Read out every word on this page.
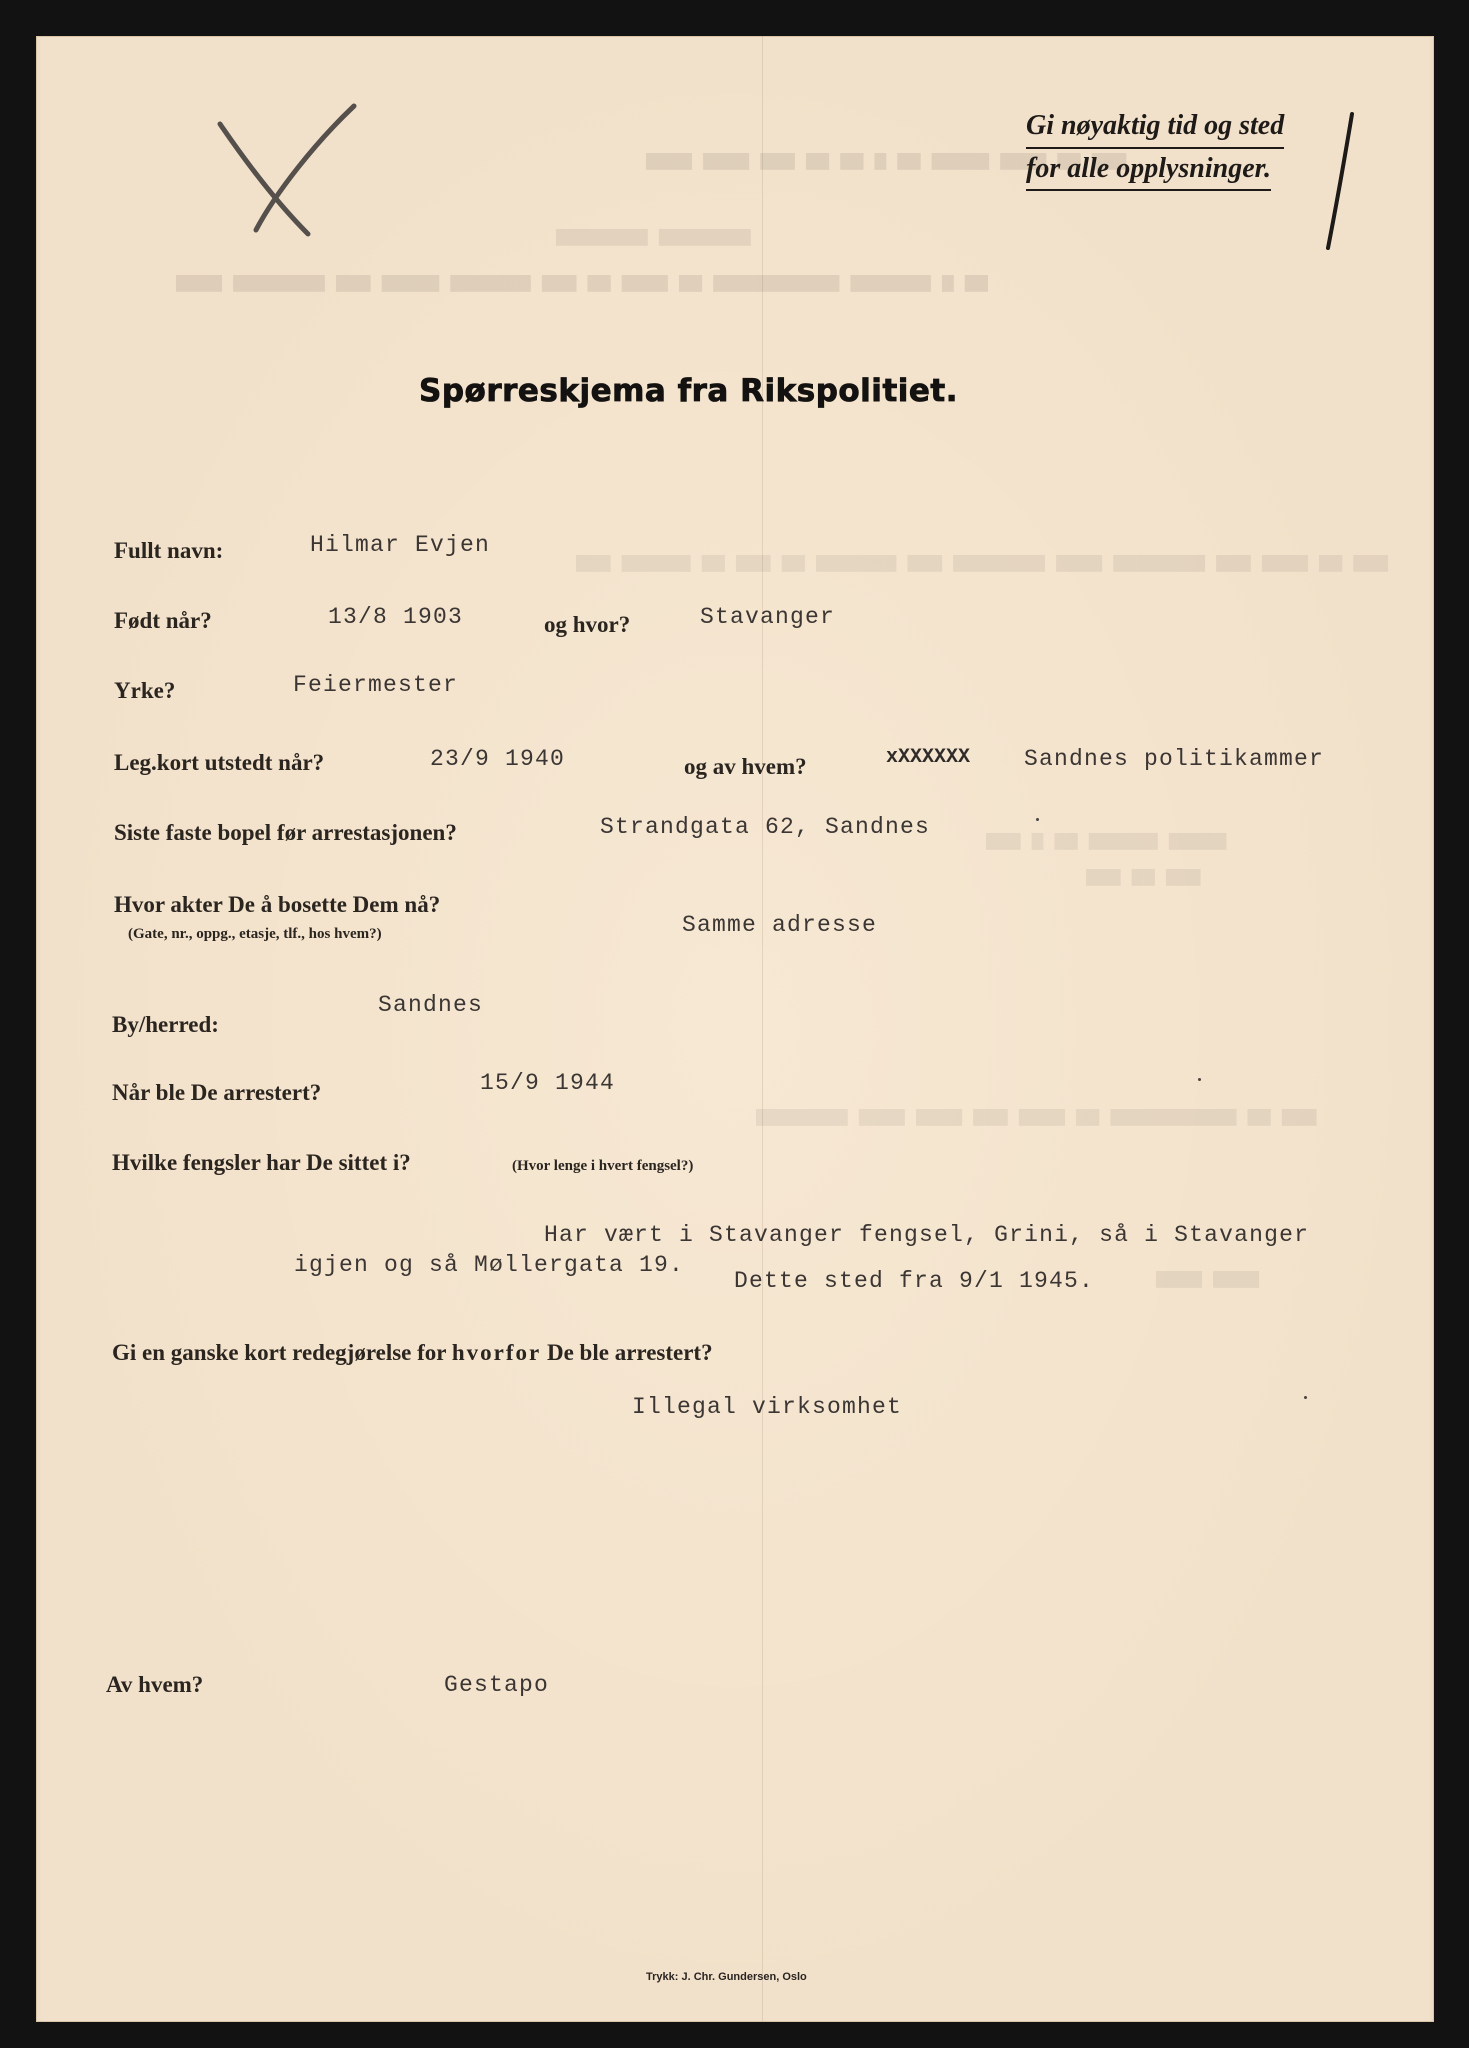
▆▆▆ ▆▆ ▆▆▆▆ ▆▆▆▆▆ ▆▆ ▆ ▆▆ ▆▆ ▆▆▆ ▆▆▆▆ ▆▆▆▆
▆▆▆▆▆▆▆▆ ▆▆▆▆▆▆▆▆
▆▆ ▆ ▆▆▆▆▆▆▆ ▆▆▆▆▆▆▆▆▆▆▆ ▆▆ ▆▆▆▆ ▆▆ ▆▆▆ ▆▆▆▆▆▆▆ ▆▆▆▆▆ ▆▆▆ ▆▆▆▆▆▆▆▆ ▆▆▆▆
▆▆▆ ▆▆ ▆▆▆▆ ▆▆▆ ▆▆▆▆▆▆▆▆ ▆▆▆▆ ▆▆▆▆▆▆▆▆ ▆▆▆ ▆▆▆▆▆▆▆ ▆▆ ▆▆▆ ▆▆ ▆▆▆▆▆▆ ▆▆▆
▆▆▆▆▆ ▆▆▆▆▆▆ ▆▆ ▆ ▆▆▆
▆▆▆ ▆▆ ▆▆▆
▆▆▆ ▆▆ ▆▆▆▆▆▆▆▆▆▆▆ ▆▆ ▆▆▆▆ ▆▆▆ ▆▆▆▆ ▆▆▆▆ ▆▆▆▆▆▆▆▆
▆▆▆▆ ▆▆▆▆
Gi nøyaktig tid og sted
for alle opplysninger.
Spørreskjema fra Rikspolitiet.
Fullt navn:	Hilmar Evjen
Født når?	13/8 1903	og hvor?	Stavanger
Yrke?	Feiermester
Leg.kort utstedt når?	23/9 1940	og av hvem?	xXXXXXX Sandnes politikammer
Siste faste bopel før arrestasjonen?	Strandgata 62, Sandnes
Hvor akter De å bosette Dem nå?
(Gate, nr., oppg., etasje, tlf., hos hvem?)	Samme adresse
By/herred:
Sandnes
Når ble De arrestert?	15/9 1944
Hvilke fengsler har De sittet i?	(Hvor lenge i hvert fengsel?)
Har vært i Stavanger fengsel, Grini, så i Stavanger
igjen og så Møllergata 19.
Dette sted fra 9/1 1945.
Gi en ganske kort redegjørelse for hvorfor De ble arrestert?
Illegal virksomhet
Av hvem?	Gestapo
Trykk: J. Chr. Gundersen, Oslo
